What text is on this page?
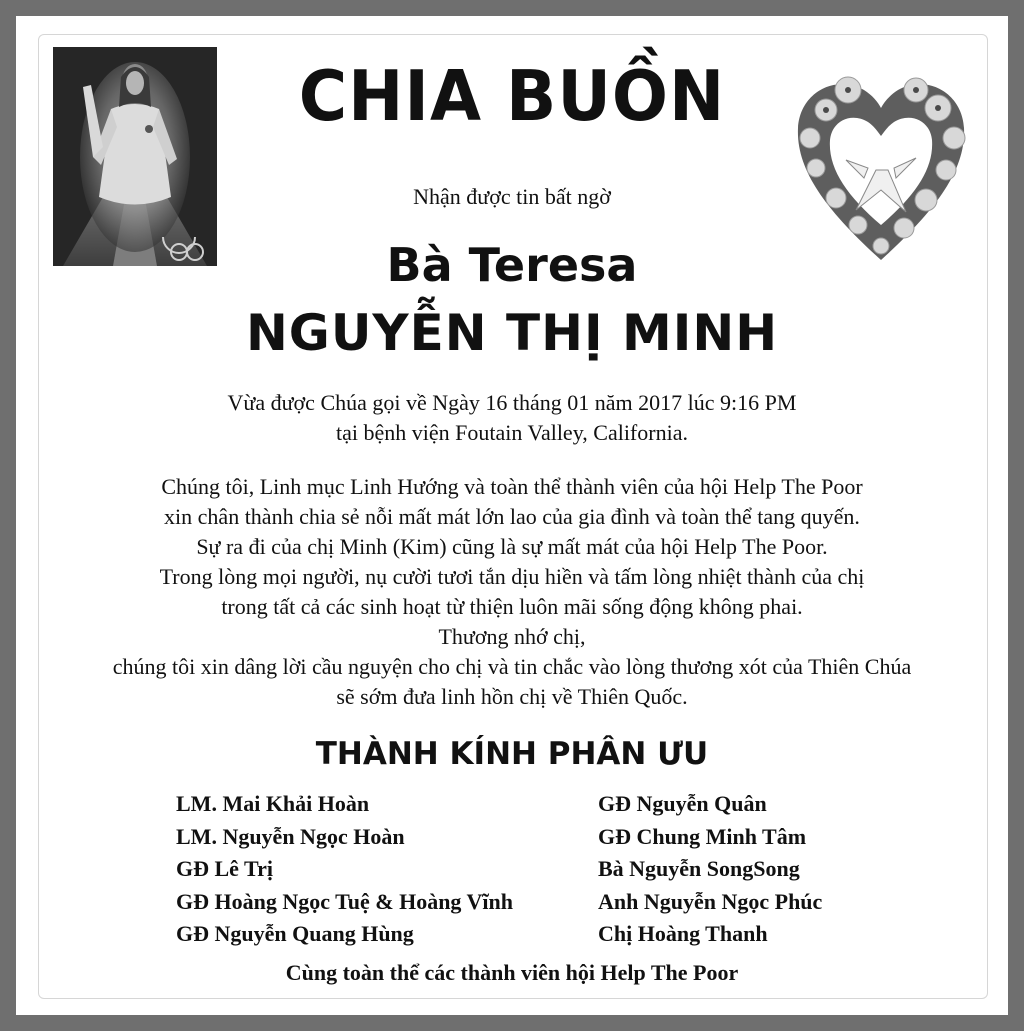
CHIA BUỒN
Nhận được tin bất ngờ
Bà Teresa
NGUYỄN THỊ MINH
Vừa được Chúa gọi về Ngày 16 tháng 01 năm 2017 lúc 9:16 PM
tại bệnh viện Foutain Valley, California.
Chúng tôi, Linh mục Linh Hướng và toàn thể thành viên của hội Help The Poor
xin chân thành chia sẻ nỗi mất mát lớn lao của gia đình và toàn thể tang quyến.
Sự ra đi của chị Minh (Kim) cũng là sự mất mát của hội Help The Poor.
Trong lòng mọi người, nụ cười tươi tắn dịu hiền và tấm lòng nhiệt thành của chị
trong tất cả các sinh hoạt từ thiện luôn mãi sống động không phai.
Thương nhớ chị,
chúng tôi xin dâng lời cầu nguyện cho chị và tin chắc vào lòng thương xót của Thiên Chúa
sẽ sớm đưa linh hồn chị về Thiên Quốc.
THÀNH KÍNH PHÂN ƯU
LM. Mai Khải Hoàn
LM. Nguyễn Ngọc Hoàn
GĐ Lê Trị
GĐ Hoàng Ngọc Tuệ & Hoàng Vĩnh
GĐ Nguyễn Quang Hùng
GĐ Nguyễn Quân
GĐ Chung Minh Tâm
Bà Nguyễn SongSong
Anh Nguyễn Ngọc Phúc
Chị Hoàng Thanh
Cùng toàn thể các thành viên hội Help The Poor
